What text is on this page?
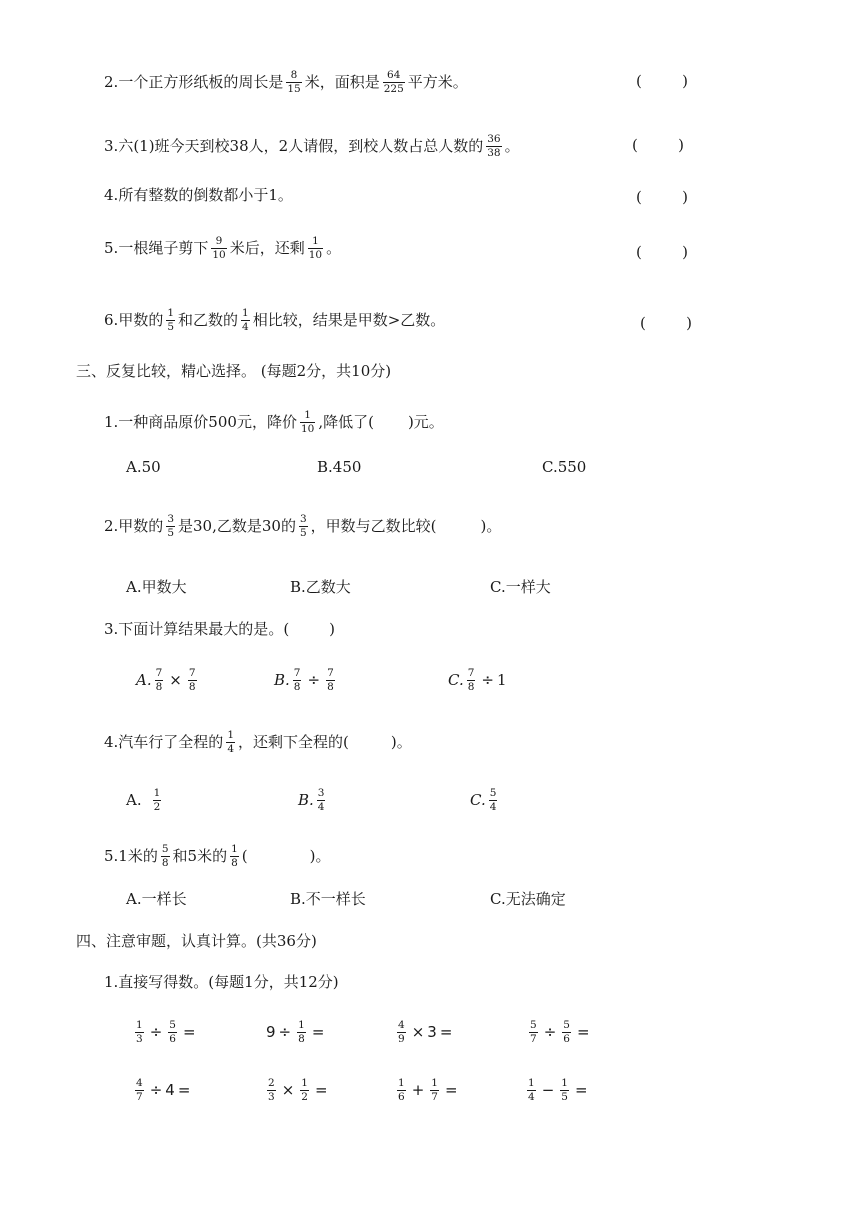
2. 一个正方形纸板的周长是 $\frac{8}{15}$ 米，面积是 $\frac{64}{225}$ 平方米。	(	)
3. 六(1)班今天到校38人，2人请假，到校人数占总人数的 $\frac{36}{38}$ 。	(	)
4. 所有整数的倒数都小于1。	(	)
5. 一根绳子剪下 $\frac{9}{10}$ 米后，还剩 $\frac{1}{10}$ 。	(	)
6. 甲数的 $\frac{1}{5}$ 和乙数的 $\frac{1}{4}$ 相比较，结果是甲数>乙数。	(	)
三、反复比较，精心选择。 (每题2分，共10分)
1.一种商品原价500元，降价 $\frac{1}{10}$ ,降低了( )元。
A.50	B.450	C.550
2.甲数的 $\frac{3}{5}$ 是30,乙数是30的 $\frac{3}{5}$ ，甲数与乙数比较(	)。
A.甲数大	B.乙数大	C.一样大
3.下面计算结果最大的是。(	)
A. $\frac{7}{8} \times \frac{7}{8}$	B. $\frac{7}{8} \div \frac{7}{8}$	C. $\frac{7}{8} \div 1$
4.汽车行了全程的 $\frac{1}{4}$ ，还剩下全程的(	)。
A. $\frac{1}{2}$	B. $\frac{3}{4}$	C. $\frac{5}{4}$
5.1米的 $\frac{5}{8}$ 和5米的 $\frac{1}{8}$ (	)。
A.一样长	B.不一样长	C.无法确定
四、注意审题，认真计算。(共36分)
1.直接写得数。(每题1分，共12分)
$\frac{1}{3} \div \frac{5}{6}$ =	$9 \div \frac{1}{8}$ =	$\frac{4}{9} \times 3$ =	$\frac{5}{7} \div \frac{5}{6}$ =
$\frac{4}{7} \div 4$ =	$\frac{2}{3} \times \frac{1}{2}$ =	$\frac{1}{6} + \frac{1}{7}$ =	$\frac{1}{4} - \frac{1}{5}$ =
